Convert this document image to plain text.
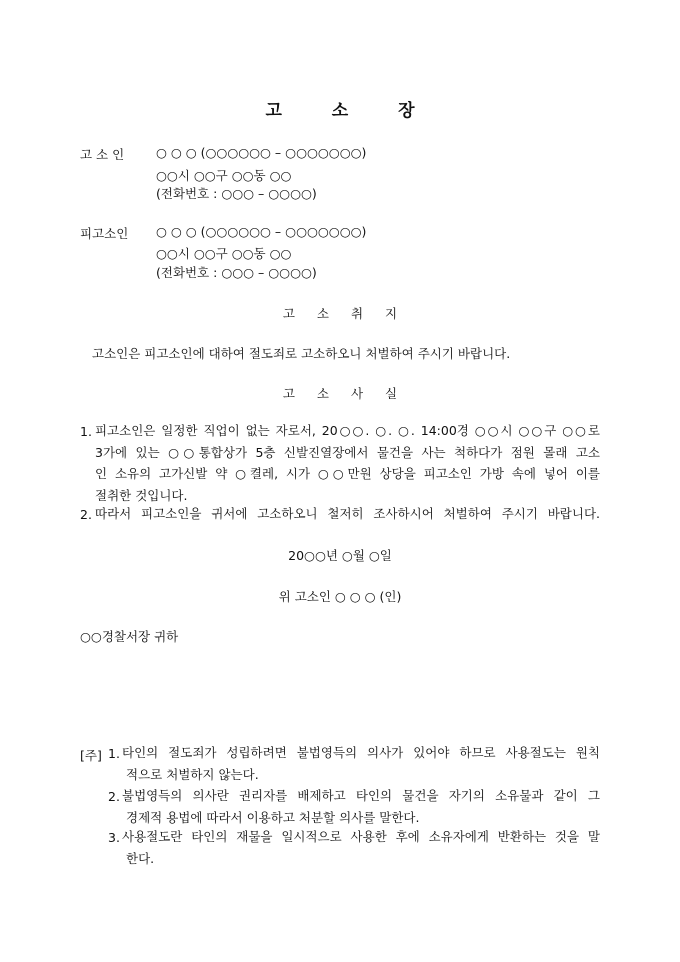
고 소 장
고 소 인	○ ○ ○ (○○○○○○ – ○○○○○○○)
○○시 ○○구 ○○동 ○○
(전화번호 : ○○○ – ○○○○)
피고소인 ○ ○ ○ (○○○○○○ – ○○○○○○○)
○○시 ○○구 ○○동 ○○
(전화번호 : ○○○ – ○○○○)
고 소 취 지
고소인은 피고소인에 대하여 절도죄로 고소하오니 처벌하여 주시기 바랍니다.
고 소 사 실
1. 피고소인은 일정한 직업이 없는 자로서, 20○○. ○. ○. 14:00경 ○○시 ○○구 ○○로
3가에 있는 ○○통합상가 5층 신발진열장에서 물건을 사는 척하다가 점원 몰래 고소
인 소유의 고가신발 약 ○켤레, 시가 ○○만원 상당을 피고소인 가방 속에 넣어 이를
절취한 것입니다.
2. 따라서 피고소인을 귀서에 고소하오니 철저히 조사하시어 처벌하여 주시기 바랍니다.
20○○년 ○월 ○일
위 고소인 ○ ○ ○ (인)
○○경찰서장 귀하
[주] 1. 타인의 절도죄가 성립하려면 불법영득의 의사가 있어야 하므로 사용절도는 원칙
적으로 처벌하지 않는다.
2. 불법영득의 의사란 권리자를 배제하고 타인의 물건을 자기의 소유물과 같이 그
경제적 용법에 따라서 이용하고 처분할 의사를 말한다.
3. 사용절도란 타인의 재물을 일시적으로 사용한 후에 소유자에게 반환하는 것을 말
한다.
